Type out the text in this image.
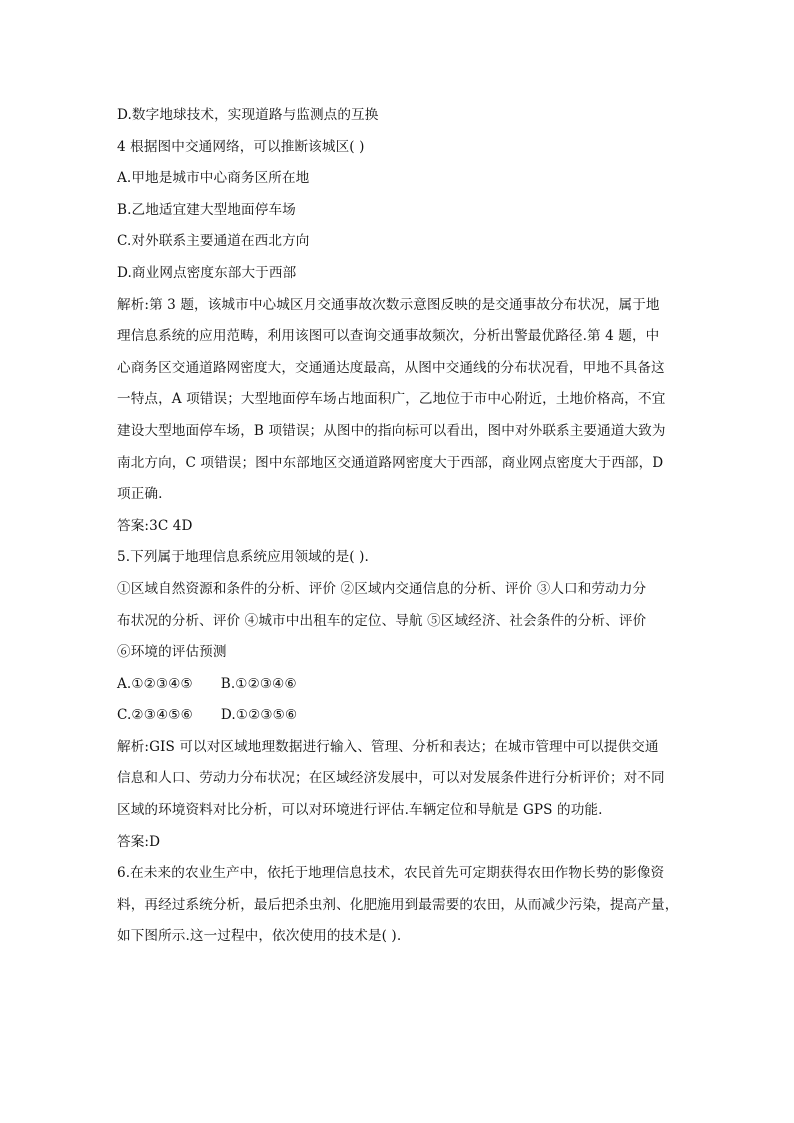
D.数字地球技术，实现道路与监测点的互换
4 根据图中交通网络，可以推断该城区( )
A.甲地是城市中心商务区所在地
B.乙地适宜建大型地面停车场
C.对外联系主要通道在西北方向
D.商业网点密度东部大于西部
解析:第 3 题，该城市中心城区月交通事故次数示意图反映的是交通事故分布状况，属于地
理信息系统的应用范畴，利用该图可以查询交通事故频次，分析出警最优路径.第 4 题，中
心商务区交通道路网密度大，交通通达度最高，从图中交通线的分布状况看，甲地不具备这
一特点，A 项错误；大型地面停车场占地面积广，乙地位于市中心附近，土地价格高，不宜
建设大型地面停车场，B 项错误；从图中的指向标可以看出，图中对外联系主要通道大致为
南北方向，C 项错误；图中东部地区交通道路网密度大于西部，商业网点密度大于西部，D
项正确.
答案:3C 4D
5.下列属于地理信息系统应用领域的是( ).
①区域自然资源和条件的分析、评价 ②区域内交通信息的分析、评价 ③人口和劳动力分
布状况的分析、评价 ④城市中出租车的定位、导航 ⑤区域经济、社会条件的分析、评价
⑥环境的评估预测
A.①②③④⑤ B.①②③④⑥
C.②③④⑤⑥ D.①②③⑤⑥
解析:GIS 可以对区域地理数据进行输入、管理、分析和表达；在城市管理中可以提供交通
信息和人口、劳动力分布状况；在区域经济发展中，可以对发展条件进行分析评价；对不同
区域的环境资料对比分析，可以对环境进行评估.车辆定位和导航是 GPS 的功能.
答案:D
6.在未来的农业生产中，依托于地理信息技术，农民首先可定期获得农田作物长势的影像资
料，再经过系统分析，最后把杀虫剂、化肥施用到最需要的农田，从而减少污染，提高产量，
如下图所示.这一过程中，依次使用的技术是( ).
